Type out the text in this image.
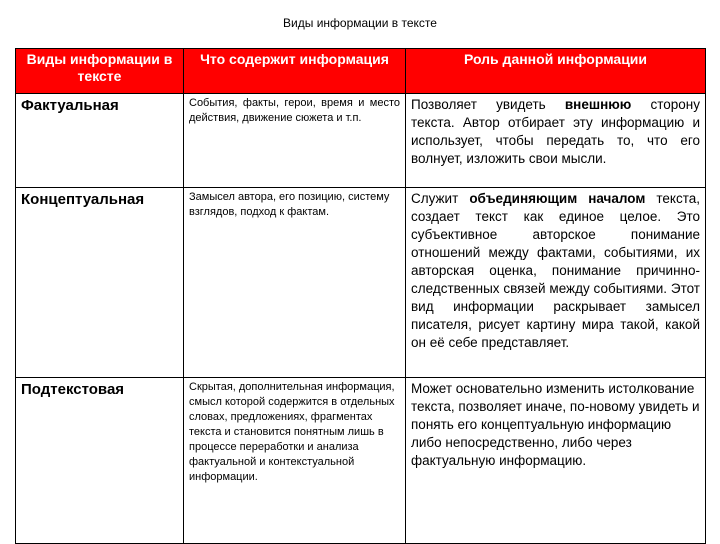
Виды информации в тексте
Виды информации в тексте	Что содержит информация	Роль данной информации
Фактуальная	События, факты, герои, время и место действия, движение сюжета и т.п.	Позволяет увидеть внешнюю сторону текста. Автор отбирает эту информацию и использует, чтобы передать то, что его волнует, изложить свои мысли.
Концептуальная	Замысел автора, его позицию, систему взглядов, подход к фактам.	Служит объединяющим началом текста, создает текст как единое целое. Это субъективное авторское понимание отношений между фактами, событиями, их авторская оценка, понимание причинно-следственных связей между событиями. Этот вид информации раскрывает замысел писателя, рисует картину мира такой, какой он её себе представляет.
Подтекстовая	Скрытая, дополнительная информация, смысл которой содержится в отдельных словах, предложениях, фрагментах текста и становится понятным лишь в процессе переработки и анализа фактуальной и контекстуальной информации.	Может основательно изменить истолкование текста, позволяет иначе, по-новому увидеть и понять его концептуальную информацию либо непосредственно, либо через фактуальную информацию.
